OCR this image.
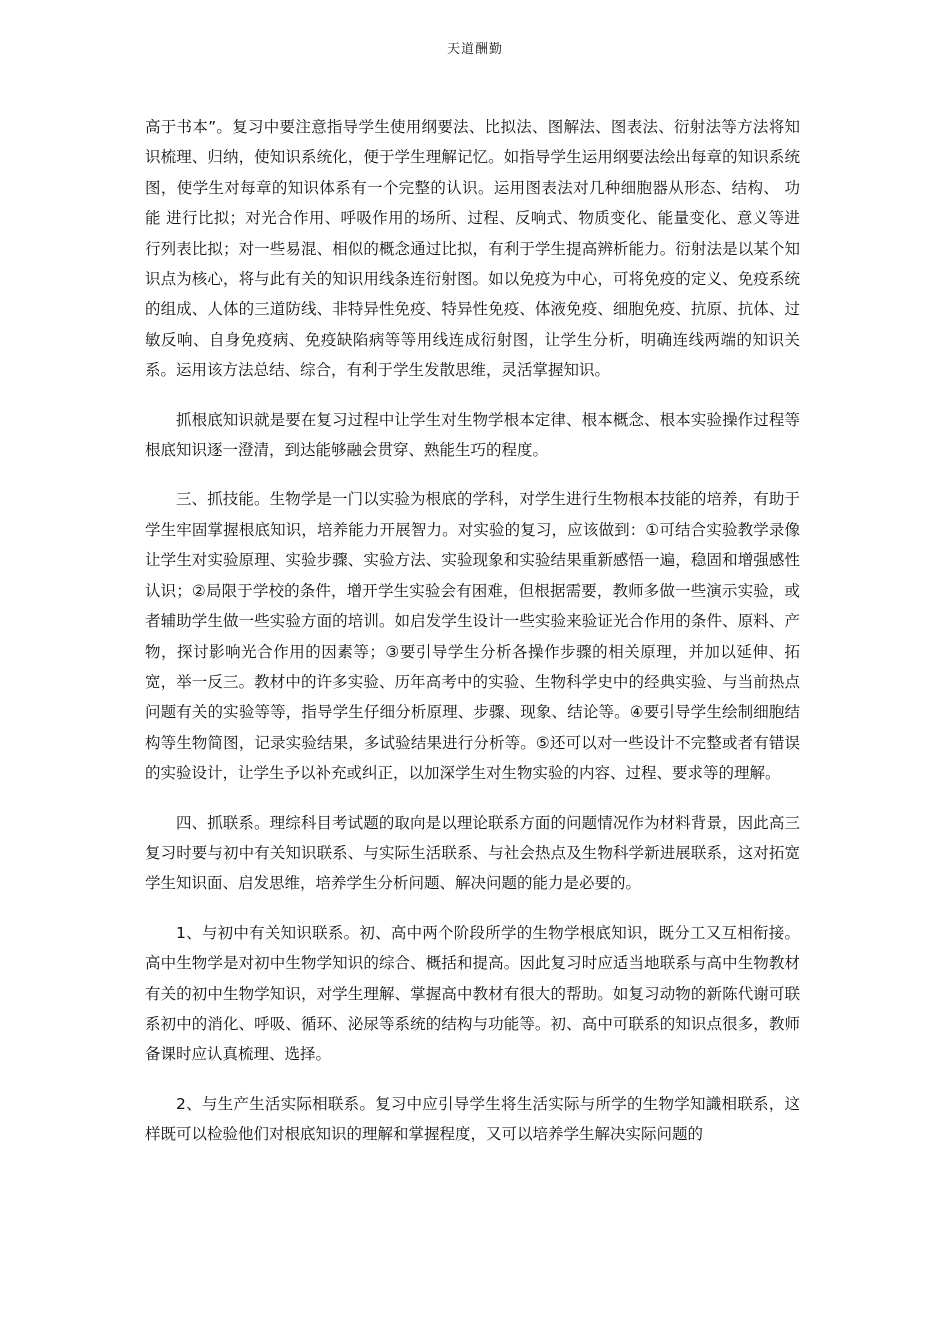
天道酬勤

高于书本”。复习中要注意指导学生使用纲要法、比拟法、图解法、图表法、衍射法等方法将知识梳理、归纳，使知识系统化，便于学生理解记忆。如指导学生运用纲要法绘出每章的知识系统图，使学生对每章的知识体系有一个完整的认识。运用图表法对几种细胞器从形态、结构、 功能 进行比拟；对光合作用、呼吸作用的场所、过程、反响式、物质变化、能量变化、意义等进行列表比拟；对一些易混、相似的概念通过比拟，有利于学生提高辨析能力。衍射法是以某个知识点为核心，将与此有关的知识用线条连衍射图。如以免疫为中心，可将免疫的定义、免疫系统的组成、人体的三道防线、非特异性免疫、特异性免疫、体液免疫、细胞免疫、抗原、抗体、过敏反响、自身免疫病、免疫缺陷病等等用线连成衍射图，让学生分析，明确连线两端的知识关系。运用该方法总结、综合，有利于学生发散思维，灵活掌握知识。

抓根底知识就是要在复习过程中让学生对生物学根本定律、根本概念、根本实验操作过程等根底知识逐一澄清，到达能够融会贯穿、熟能生巧的程度。

三、抓技能。生物学是一门以实验为根底的学科，对学生进行生物根本技能的培养，有助于学生牢固掌握根底知识，培养能力开展智力。对实验的复习，应该做到：①可结合实验教学录像让学生对实验原理、实验步骤、实验方法、实验现象和实验结果重新感悟一遍，稳固和增强感性认识；②局限于学校的条件，增开学生实验会有困难，但根据需要，教师多做一些演示实验，或者辅助学生做一些实验方面的培训。如启发学生设计一些实验来验证光合作用的条件、原料、产物，探讨影响光合作用的因素等；③要引导学生分析各操作步骤的相关原理，并加以延伸、拓宽，举一反三。教材中的许多实验、历年高考中的实验、生物科学史中的经典实验、与当前热点问题有关的实验等等，指导学生仔细分析原理、步骤、现象、结论等。④要引导学生绘制细胞结构等生物简图，记录实验结果，多试验结果进行分析等。⑤还可以对一些设计不完整或者有错误的实验设计，让学生予以补充或纠正，以加深学生对生物实验的内容、过程、要求等的理解。

四、抓联系。理综科目考试题的取向是以理论联系方面的问题情况作为材料背景，因此高三复习时要与初中有关知识联系、与实际生活联系、与社会热点及生物科学新进展联系，这对拓宽学生知识面、启发思维，培养学生分析问题、解决问题的能力是必要的。

1、与初中有关知识联系。初、高中两个阶段所学的生物学根底知识，既分工又互相衔接。高中生物学是对初中生物学知识的综合、概括和提高。因此复习时应适当地联系与高中生物教材有关的初中生物学知识，对学生理解、掌握高中教材有很大的帮助。如复习动物的新陈代谢可联系初中的消化、呼吸、循环、泌尿等系统的结构与功能等。初、高中可联系的知识点很多，教师备课时应认真梳理、选择。

2、与生产生活实际相联系。复习中应引导学生将生活实际与所学的生物学知識相联系，这样既可以检验他们对根底知识的理解和掌握程度，又可以培养学生解决实际问题的
